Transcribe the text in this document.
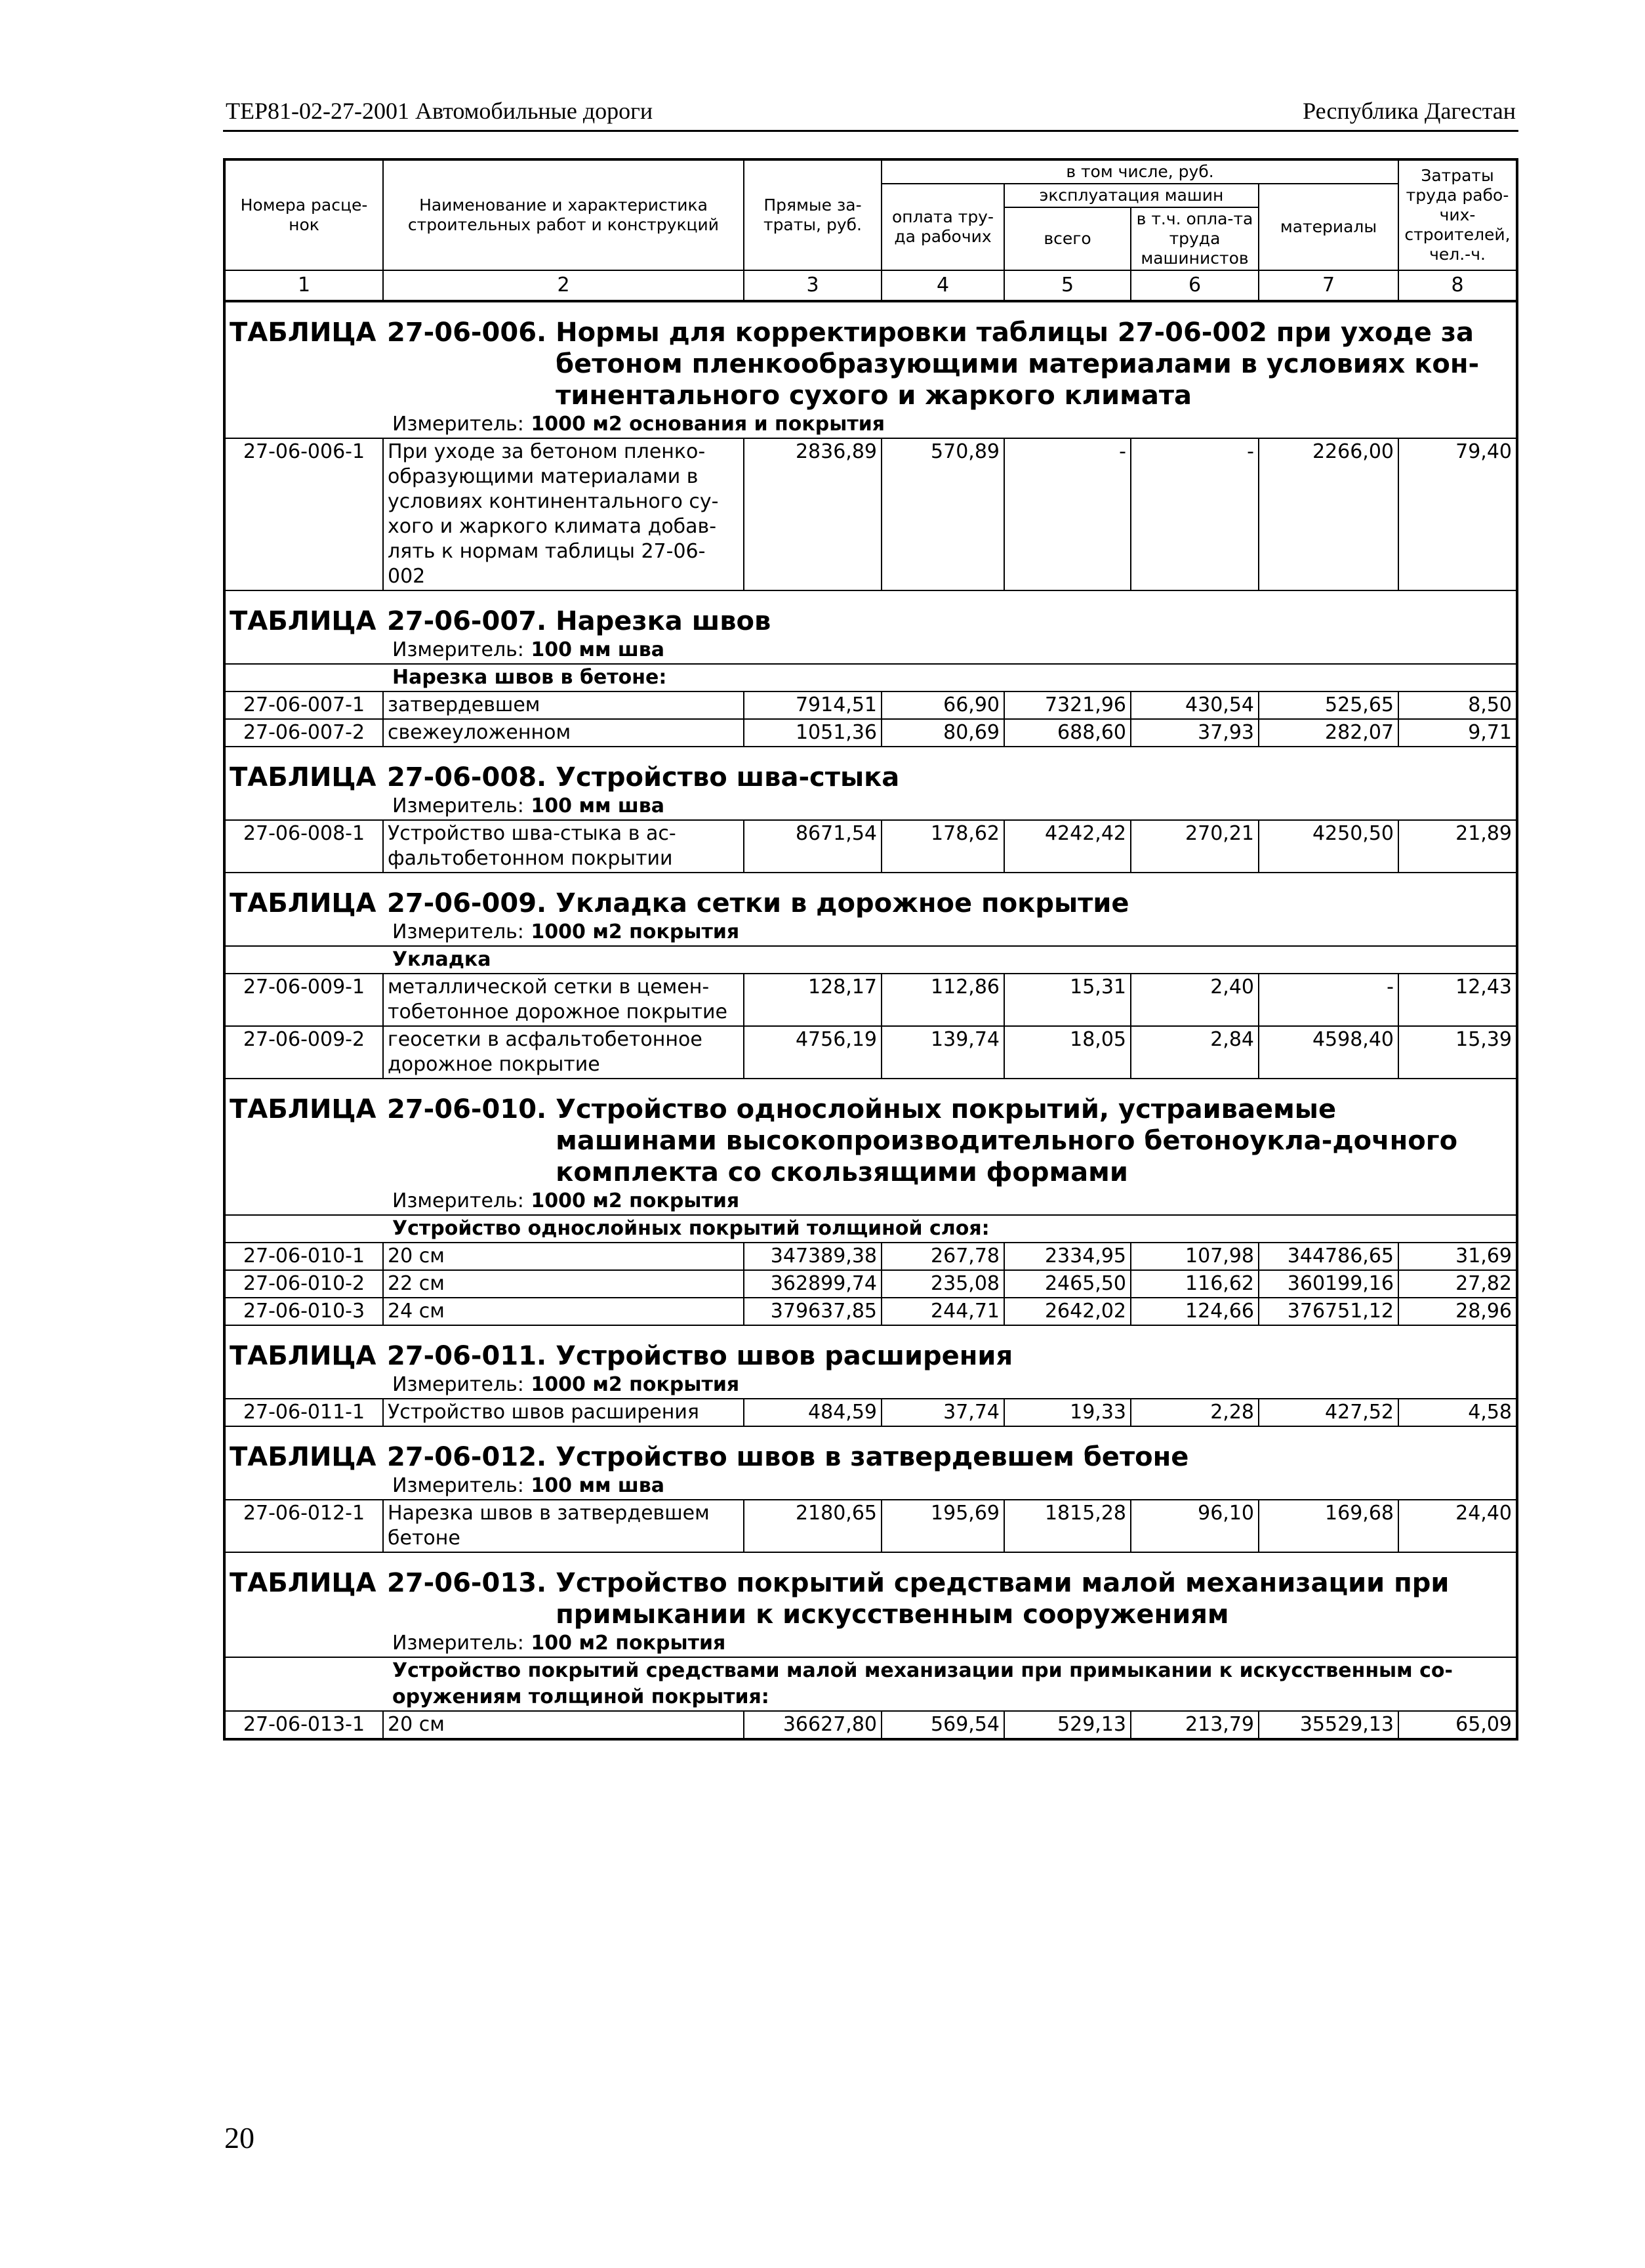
ТЕР81-02-27-2001 Автомобильные дороги	Республика Дагестан
Номера расце-нок	Наименование и характеристика строительных работ и конструкций	Прямые за-траты, руб.	в том числе, руб.				Затраты труда рабо-чих-строителей, чел.-ч.
			оплата тру-да рабочих	эксплуатация машин		материалы	
				всего	в т.ч. опла-та труда машинистов		
1	2	3	4	5	6	7	8
ТАБЛИЦА 27-06-006.
Нормы для корректировки таблицы 27-06-002 при уходе за бетоном пленкообразующими материалами в условиях кон-тинентального сухого и жаркого климата
Измеритель: 1000 м2 основания и покрытия
27-06-006-1	При уходе за бетоном пленко-образующими материалами в условиях континентального су-хого и жаркого климата добав-лять к нормам таблицы 27-06-002	2836,89	570,89	-	-	2266,00	79,40
ТАБЛИЦА 27-06-007.
Нарезка швов
Измеритель: 100 мм шва
Нарезка швов в бетоне:
27-06-007-1	затвердевшем	7914,51	66,90	7321,96	430,54	525,65	8,50
27-06-007-2	свежеуложенном	1051,36	80,69	688,60	37,93	282,07	9,71
ТАБЛИЦА 27-06-008.
Устройство шва-стыка
Измеритель: 100 мм шва
27-06-008-1	Устройство шва-стыка в ас-фальтобетонном покрытии	8671,54	178,62	4242,42	270,21	4250,50	21,89
ТАБЛИЦА 27-06-009.
Укладка сетки в дорожное покрытие
Измеритель: 1000 м2 покрытия
Укладка
27-06-009-1	металлической сетки в цемен-тобетонное дорожное покрытие	128,17	112,86	15,31	2,40	-	12,43
27-06-009-2	геосетки в асфальтобетонное дорожное покрытие	4756,19	139,74	18,05	2,84	4598,40	15,39
ТАБЛИЦА 27-06-010.
Устройство однослойных покрытий, устраиваемые машинами высокопроизводительного бетоноукла-дочного комплекта со скользящими формами
Измеритель: 1000 м2 покрытия
Устройство однослойных покрытий толщиной слоя:
27-06-010-1	20 см	347389,38	267,78	2334,95	107,98	344786,65	31,69
27-06-010-2	22 см	362899,74	235,08	2465,50	116,62	360199,16	27,82
27-06-010-3	24 см	379637,85	244,71	2642,02	124,66	376751,12	28,96
ТАБЛИЦА 27-06-011.
Устройство швов расширения
Измеритель: 1000 м2 покрытия
27-06-011-1	Устройство швов расширения	484,59	37,74	19,33	2,28	427,52	4,58
ТАБЛИЦА 27-06-012.
Устройство швов в затвердевшем бетоне
Измеритель: 100 мм шва
27-06-012-1	Нарезка швов в затвердевшем бетоне	2180,65	195,69	1815,28	96,10	169,68	24,40
ТАБЛИЦА 27-06-013.
Устройство покрытий средствами малой механизации при примыкании к искусственным сооружениям
Измеритель: 100 м2 покрытия
Устройство покрытий средствами малой механизации при примыкании к искусственным со-оружениям толщиной покрытия:
27-06-013-1	20 см	36627,80	569,54	529,13	213,79	35529,13	65,09
20
